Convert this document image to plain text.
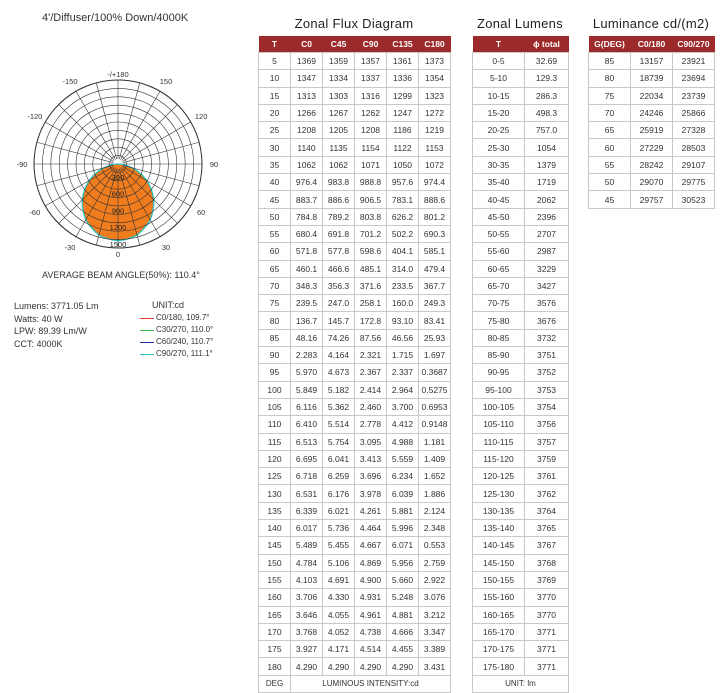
4'/Diffuser/100% Down/4000K
-150
-120
-90
-60
-30
150
120
90
60
30
-/+180
0
300
600
900
1200
1500
AVERAGE BEAM ANGLE(50%): 110.4°
Lumens: 3771.05 Lm
Watts: 40 W
LPW: 89.39 Lm/W
CCT: 4000K
UNIT:cd
C0/180, 109.7°
C30/270, 110.0°
C60/240, 110.7°
C90/270, 111.1°
Zonal Flux Diagram
T	C0	C45	C90	C135	C180
5	1369	1359	1357	1361	1373
10	1347	1334	1337	1336	1354
15	1313	1303	1316	1299	1323
20	1266	1267	1262	1247	1272
25	1208	1205	1208	1186	1219
30	1140	1135	1154	1122	1153
35	1062	1062	1071	1050	1072
40	976.4	983.8	988.8	957.6	974.4
45	883.7	886.6	906.5	783.1	888.6
50	784.8	789.2	803.8	626.2	801.2
55	680.4	691.8	701.2	502.2	690.3
60	571.8	577.8	598.6	404.1	585.1
65	460.1	466.6	485.1	314.0	479.4
70	348.3	356.3	371.6	233.5	367.7
75	239.5	247.0	258.1	160.0	249.3
80	136.7	145.7	172.8	93.10	83.41
85	48.16	74.26	87.56	46.56	25.93
90	2.283	4.164	2.321	1.715	1.697
95	5.970	4.673	2.367	2.337	0.3687
100	5.849	5.182	2.414	2.964	0.5275
105	6.116	5.362	2.460	3.700	0.6953
110	6.410	5.514	2.778	4.412	0.9148
115	6.513	5.754	3.095	4.988	1.181
120	6.695	6.041	3.413	5.559	1.409
125	6.718	6.259	3.696	6.234	1.652
130	6.531	6.176	3.978	6.039	1.886
135	6.339	6.021	4.261	5.881	2.124
140	6.017	5.736	4.464	5.996	2.348
145	5.489	5.455	4.667	6.071	0.553
150	4.784	5.106	4.869	5.956	2.759
155	4.103	4.691	4.900	5.660	2.922
160	3.706	4.330	4.931	5.248	3.076
165	3.646	4.055	4.961	4.881	3.212
170	3.768	4.052	4.738	4.666	3.347
175	3.927	4.171	4.514	4.455	3.389
180	4.290	4.290	4.290	4.290	3.431
DEG	LUMINOUS INTENSITY:cd				
Zonal Lumens
T	ϕ total
0-5	32.69
5-10	129.3
10-15	286.3
15-20	498.3
20-25	757.0
25-30	1054
30-35	1379
35-40	1719
40-45	2062
45-50	2396
50-55	2707
55-60	2987
60-65	3229
65-70	3427
70-75	3576
75-80	3676
80-85	3732
85-90	3751
90-95	3752
95-100	3753
100-105	3754
105-110	3756
110-115	3757
115-120	3759
120-125	3761
125-130	3762
130-135	3764
135-140	3765
140-145	3767
145-150	3768
150-155	3769
155-160	3770
160-165	3770
165-170	3771
170-175	3771
175-180	3771
UNIT: lm	
Luminance cd/(m2)
G(DEG)	C0/180	C90/270
85	13157	23921
80	18739	23694
75	22034	23739
70	24246	25866
65	25919	27328
60	27229	28503
55	28242	29107
50	29070	29775
45	29757	30523
